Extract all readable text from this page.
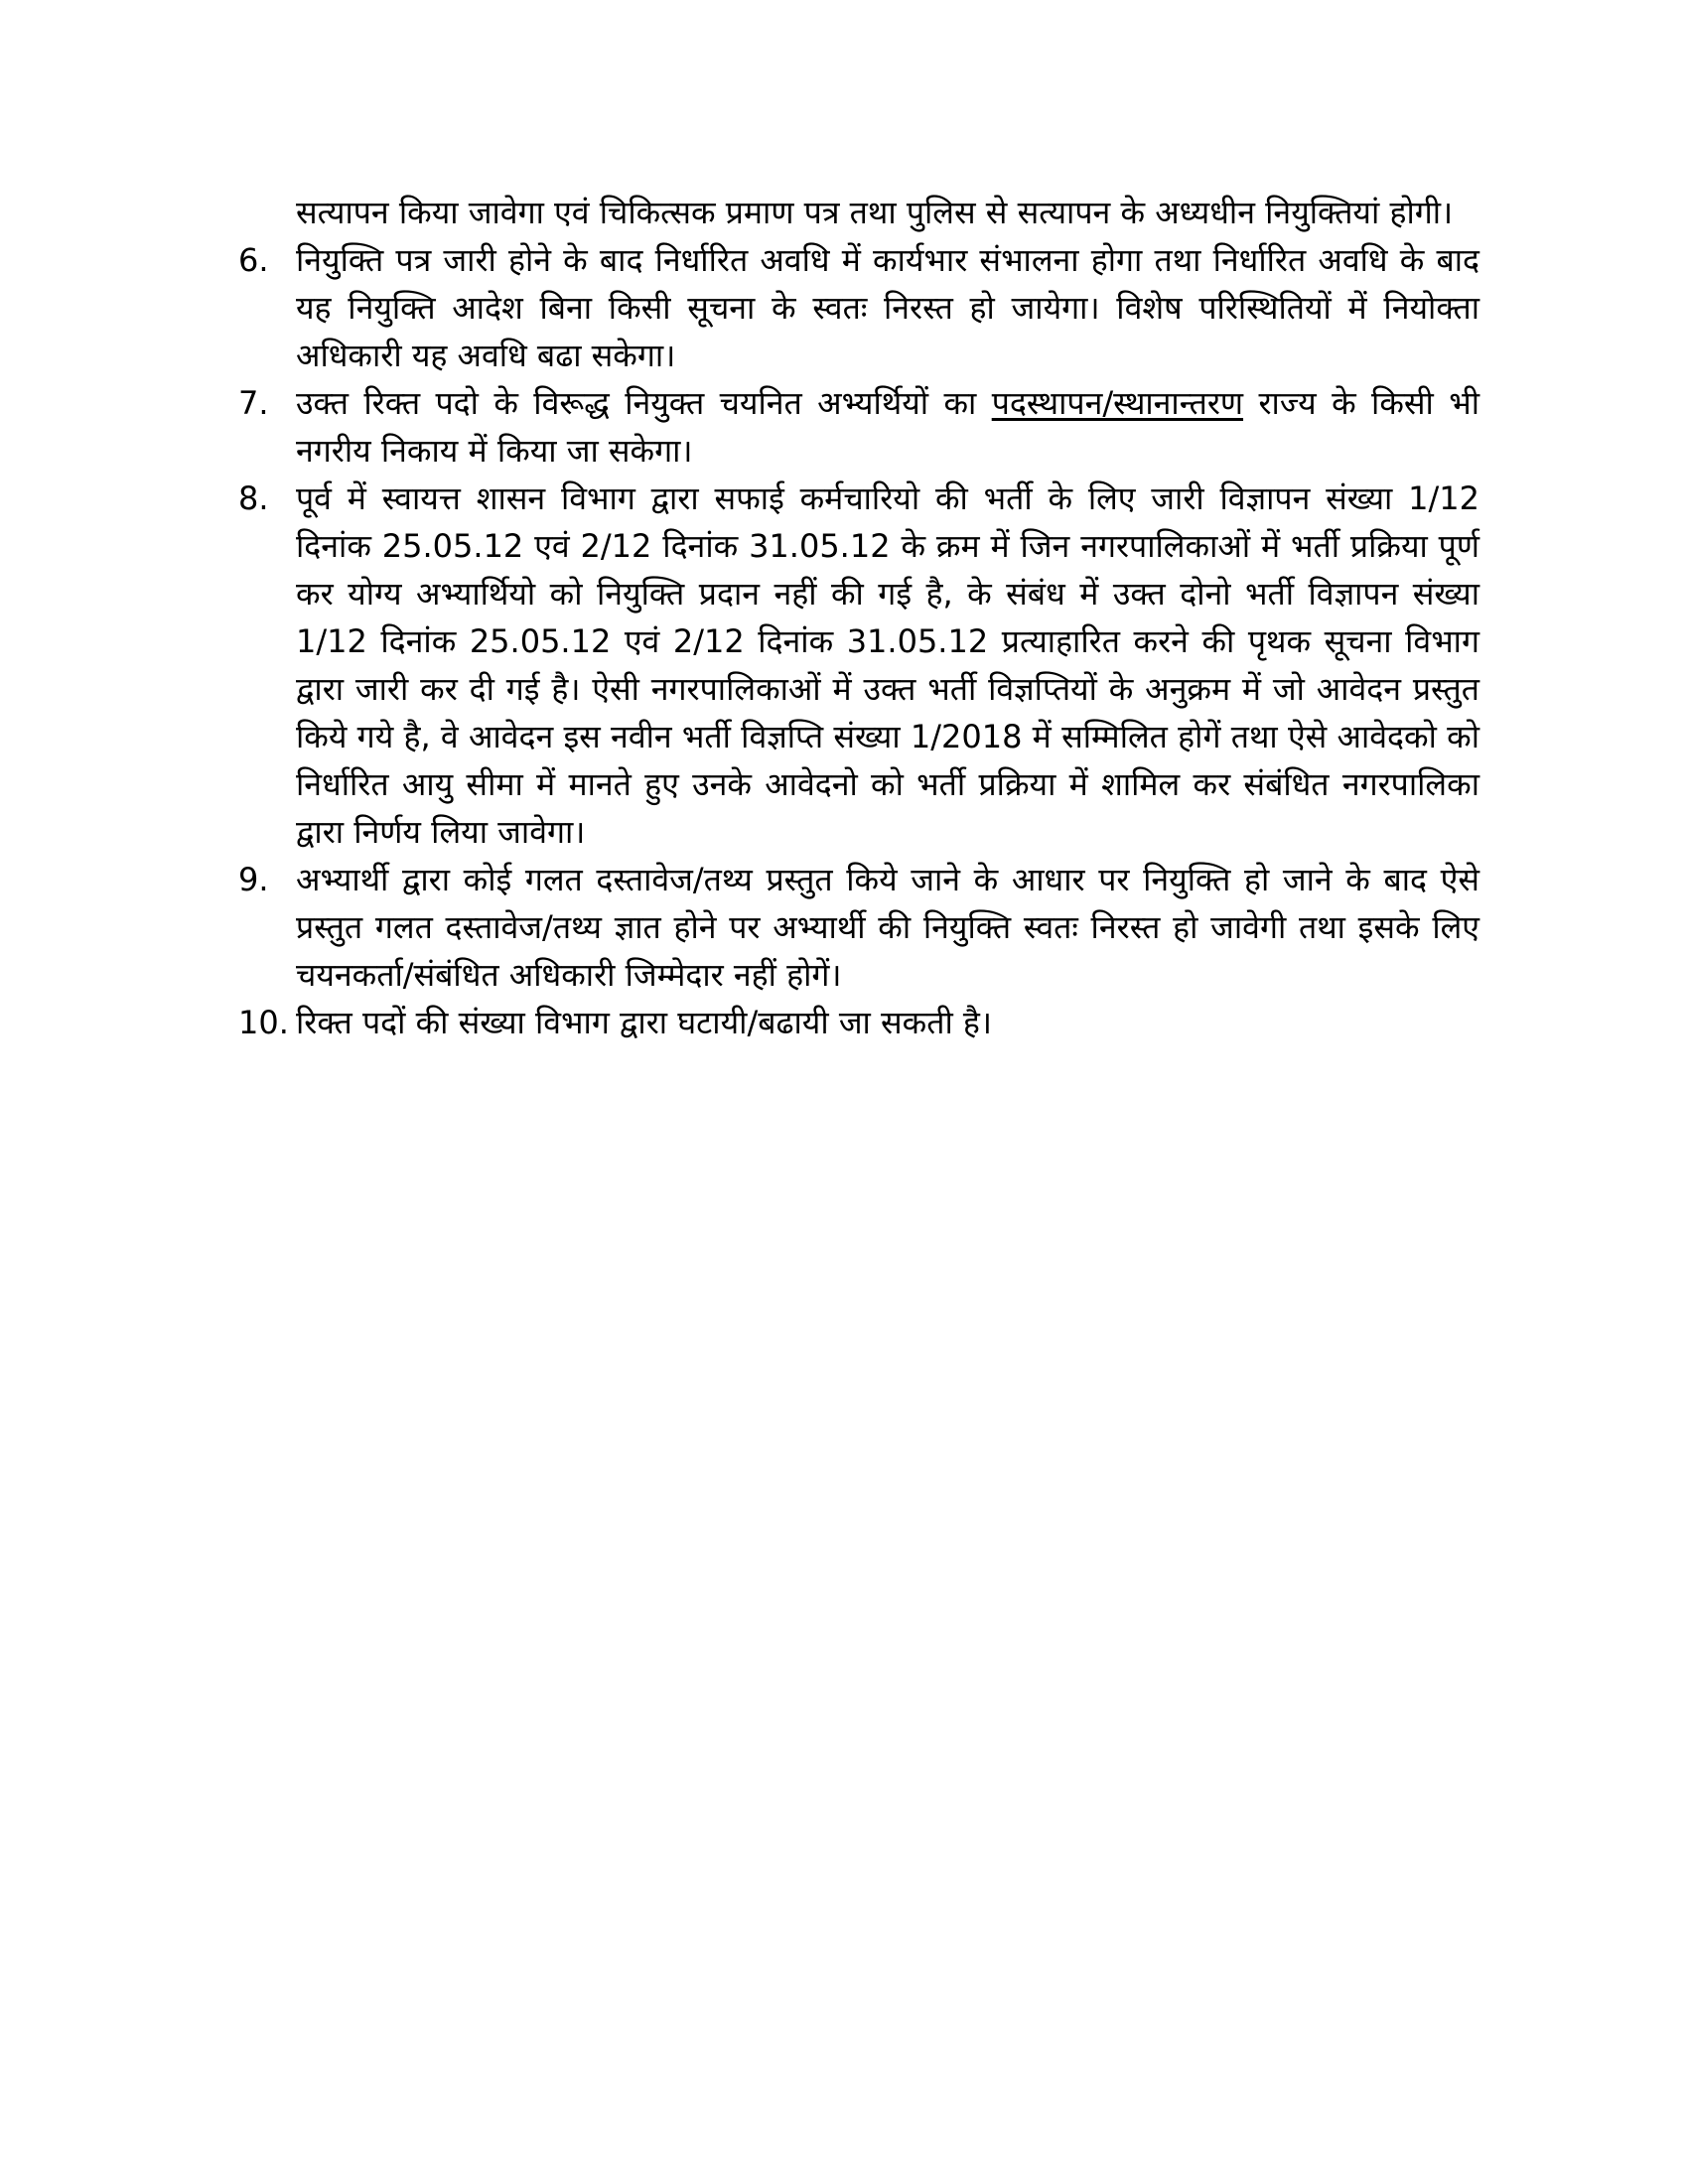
सत्यापन किया जावेगा एवं चिकित्सक प्रमाण पत्र तथा पुलिस से सत्यापन के अध्यधीन नियुक्तियां होगी।
6. नियुक्ति पत्र जारी होने के बाद निर्धारित अवधि में कार्यभार संभालना होगा तथा निर्धारित अवधि के बाद यह नियुक्ति आदेश बिना किसी सूचना के स्वतः निरस्त हो जायेगा। विशेष परिस्थितियों में नियोक्ता अधिकारी यह अवधि बढा सकेगा।
7. उक्त रिक्त पदो के विरूद्ध नियुक्त चयनित अभ्यर्थियों का पदस्थापन/स्थानान्तरण राज्य के किसी भी नगरीय निकाय में किया जा सकेगा।
8. पूर्व में स्वायत्त शासन विभाग द्वारा सफाई कर्मचारियो की भर्ती के लिए जारी विज्ञापन संख्या 1/12 दिनांक 25.05.12 एवं 2/12 दिनांक 31.05.12 के क्रम में जिन नगरपालिकाओं में भर्ती प्रक्रिया पूर्ण कर योग्य अभ्यार्थियो को नियुक्ति प्रदान नहीं की गई है, के संबंध में उक्त दोनो भर्ती विज्ञापन संख्या 1/12 दिनांक 25.05.12 एवं 2/12 दिनांक 31.05.12 प्रत्याहारित करने की पृथक सूचना विभाग द्वारा जारी कर दी गई है। ऐसी नगरपालिकाओं में उक्त भर्ती विज्ञप्तियों के अनुक्रम में जो आवेदन प्रस्तुत किये गये है, वे आवेदन इस नवीन भर्ती विज्ञप्ति संख्या 1/2018 में सम्मिलित होगें तथा ऐसे आवेदको को निर्धारित आयु सीमा में मानते हुए उनके आवेदनो को भर्ती प्रक्रिया में शामिल कर संबंधित नगरपालिका द्वारा निर्णय लिया जावेगा।
9. अभ्यार्थी द्वारा कोई गलत दस्तावेज/तथ्य प्रस्तुत किये जाने के आधार पर नियुक्ति हो जाने के बाद ऐसे प्रस्तुत गलत दस्तावेज/तथ्य ज्ञात होने पर अभ्यार्थी की नियुक्ति स्वतः निरस्त हो जावेगी तथा इसके लिए चयनकर्ता/संबंधित अधिकारी जिम्मेदार नहीं होगें।
10. रिक्त पदों की संख्या विभाग द्वारा घटायी/बढायी जा सकती है।
